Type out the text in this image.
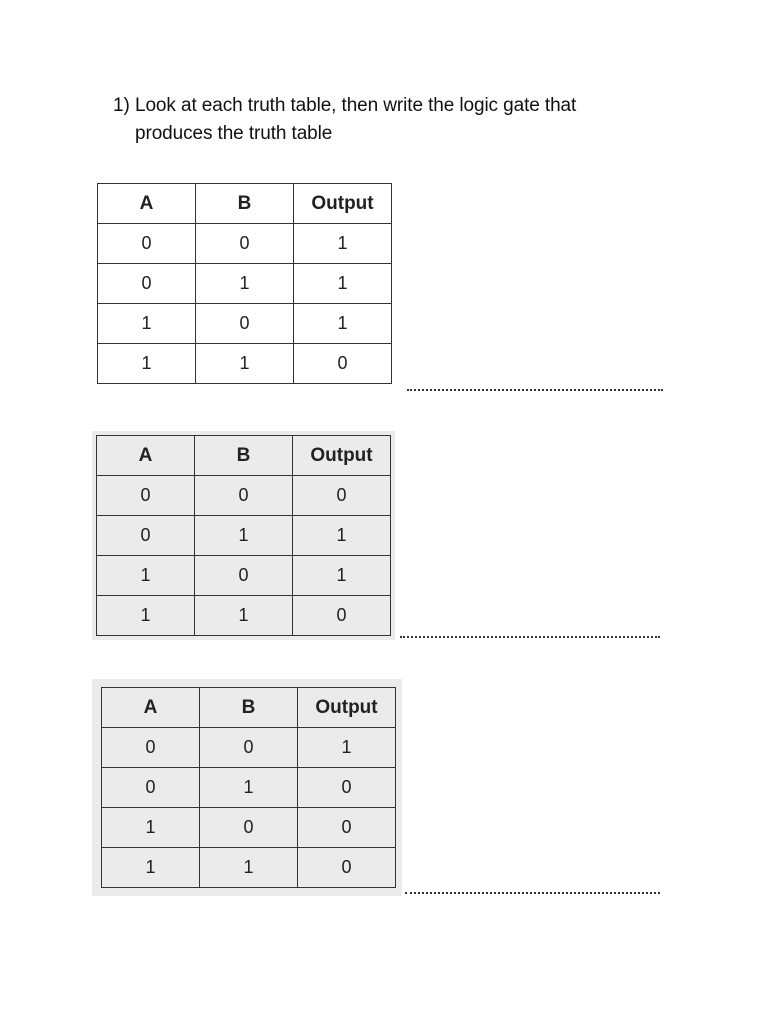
1) Look at each truth table, then write the logic gate that
produces the truth table
A	B	Output
0	0	1
0	1	1
1	0	1
1	1	0
A	B	Output
0	0	0
0	1	1
1	0	1
1	1	0
A	B	Output
0	0	1
0	1	0
1	0	0
1	1	0
